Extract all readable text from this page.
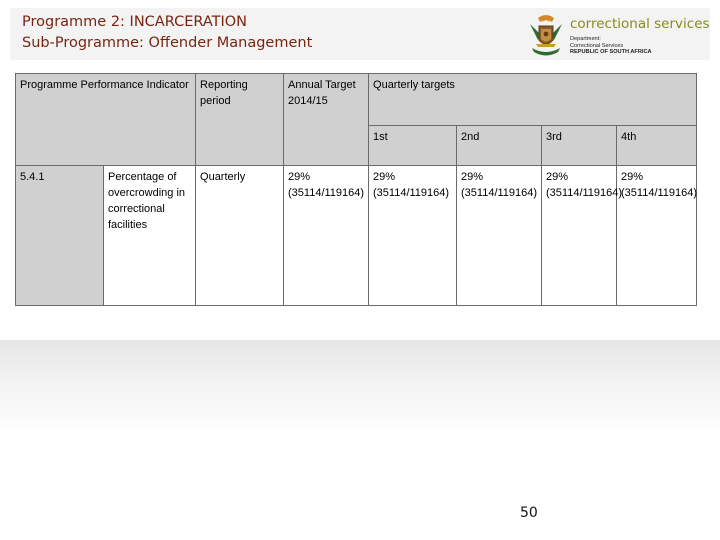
Programme 2: INCARCERATION
Sub-Programme: Offender Management
correctional services
Department:
Correctional Services
REPUBLIC OF SOUTH AFRICA
Programme Performance Indicator		Reporting period	Annual Target 2014/15	Quarterly targets			
				1st	2nd	3rd	4th
5.4.1	Percentage of overcrowding in correctional facilities	Quarterly	29% (35114/119164)	29% (35114/119164)	29% (35114/119164)	29% (35114/119164)	29% (35114/119164)
50
